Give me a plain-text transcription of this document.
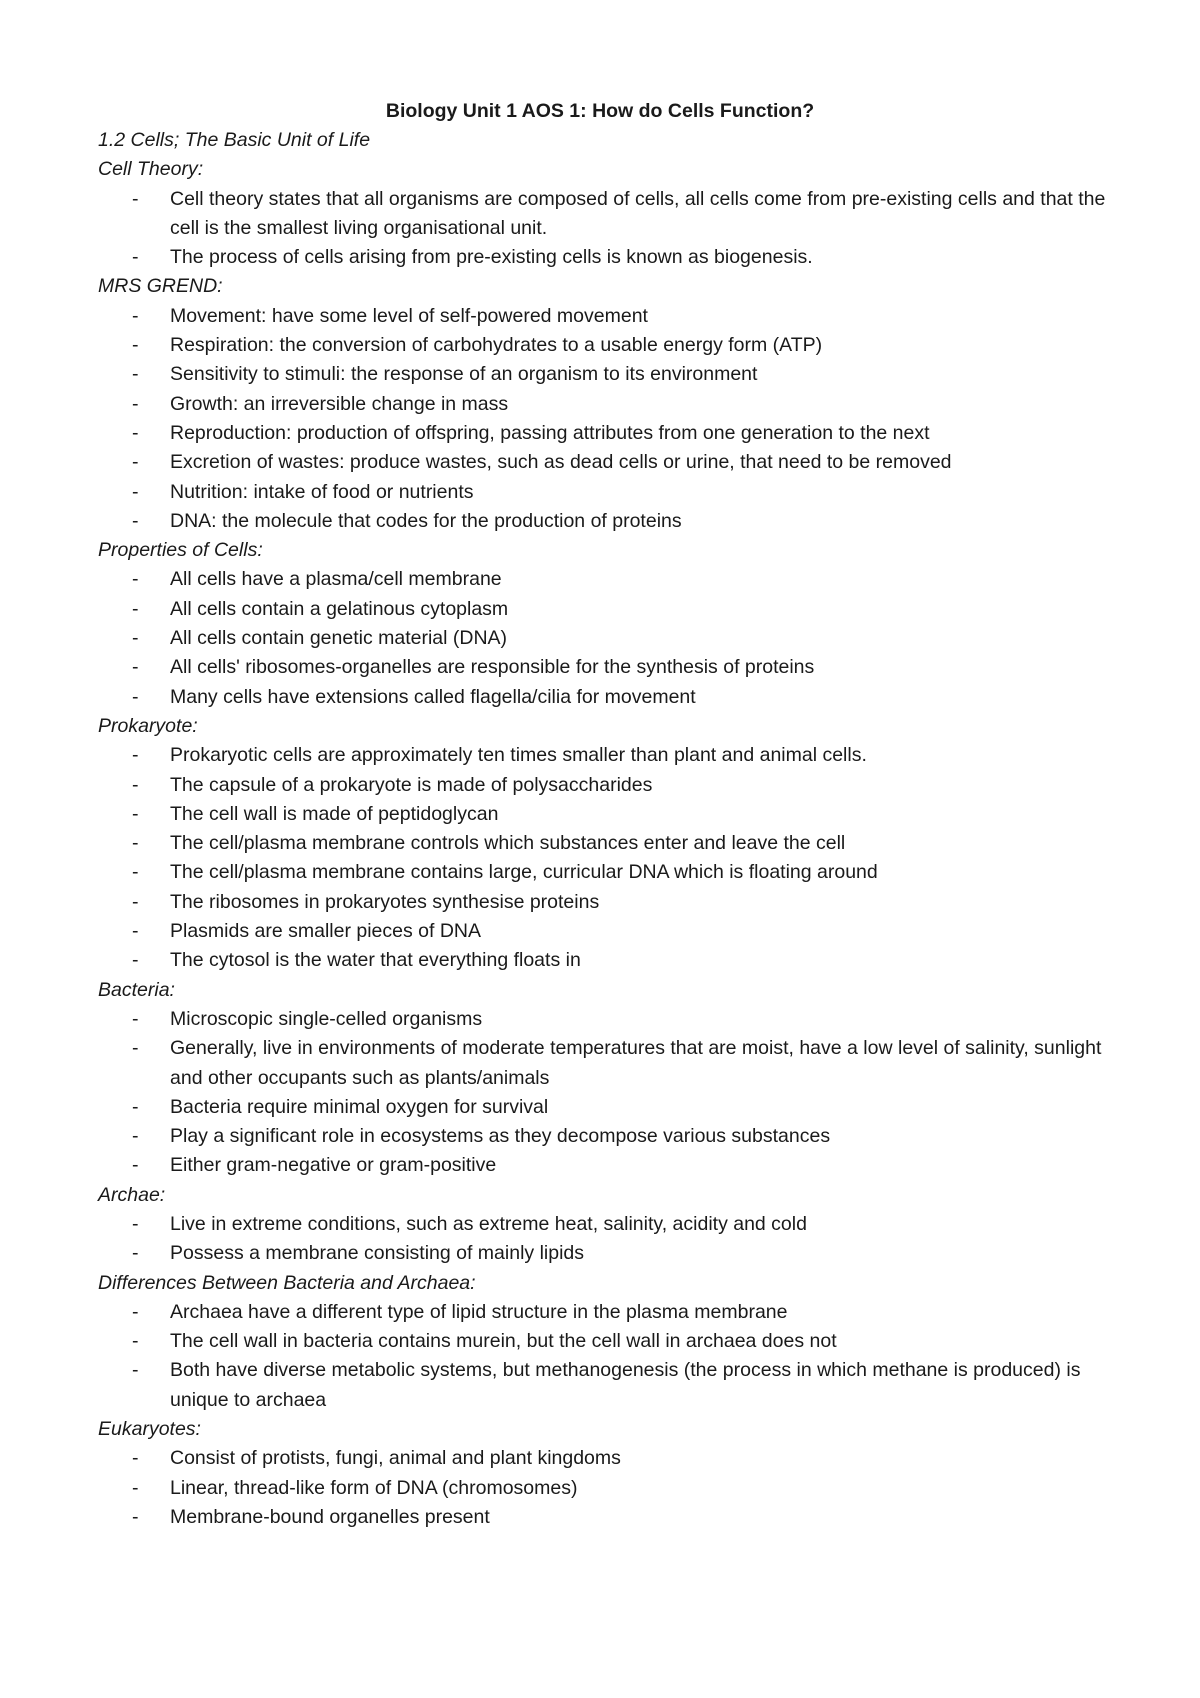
Biology Unit 1 AOS 1: How do Cells Function?
1.2 Cells; The Basic Unit of Life
Cell Theory:
- Cell theory states that all organisms are composed of cells, all cells come from pre-existing cells and that the cell is the smallest living organisational unit.
- The process of cells arising from pre-existing cells is known as biogenesis.
MRS GREND:
- Movement: have some level of self-powered movement
- Respiration: the conversion of carbohydrates to a usable energy form (ATP)
- Sensitivity to stimuli: the response of an organism to its environment
- Growth: an irreversible change in mass
- Reproduction: production of offspring, passing attributes from one generation to the next
- Excretion of wastes: produce wastes, such as dead cells or urine, that need to be removed
- Nutrition: intake of food or nutrients
- DNA: the molecule that codes for the production of proteins
Properties of Cells:
- All cells have a plasma/cell membrane
- All cells contain a gelatinous cytoplasm
- All cells contain genetic material (DNA)
- All cells' ribosomes-organelles are responsible for the synthesis of proteins
- Many cells have extensions called flagella/cilia for movement
Prokaryote:
- Prokaryotic cells are approximately ten times smaller than plant and animal cells.
- The capsule of a prokaryote is made of polysaccharides
- The cell wall is made of peptidoglycan
- The cell/plasma membrane controls which substances enter and leave the cell
- The cell/plasma membrane contains large, curricular DNA which is floating around
- The ribosomes in prokaryotes synthesise proteins
- Plasmids are smaller pieces of DNA
- The cytosol is the water that everything floats in
Bacteria:
- Microscopic single-celled organisms
- Generally, live in environments of moderate temperatures that are moist, have a low level of salinity, sunlight and other occupants such as plants/animals
- Bacteria require minimal oxygen for survival
- Play a significant role in ecosystems as they decompose various substances
- Either gram-negative or gram-positive
Archae:
- Live in extreme conditions, such as extreme heat, salinity, acidity and cold
- Possess a membrane consisting of mainly lipids
Differences Between Bacteria and Archaea:
- Archaea have a different type of lipid structure in the plasma membrane
- The cell wall in bacteria contains murein, but the cell wall in archaea does not
- Both have diverse metabolic systems, but methanogenesis (the process in which methane is produced) is unique to archaea
Eukaryotes:
- Consist of protists, fungi, animal and plant kingdoms
- Linear, thread-like form of DNA (chromosomes)
- Membrane-bound organelles present
